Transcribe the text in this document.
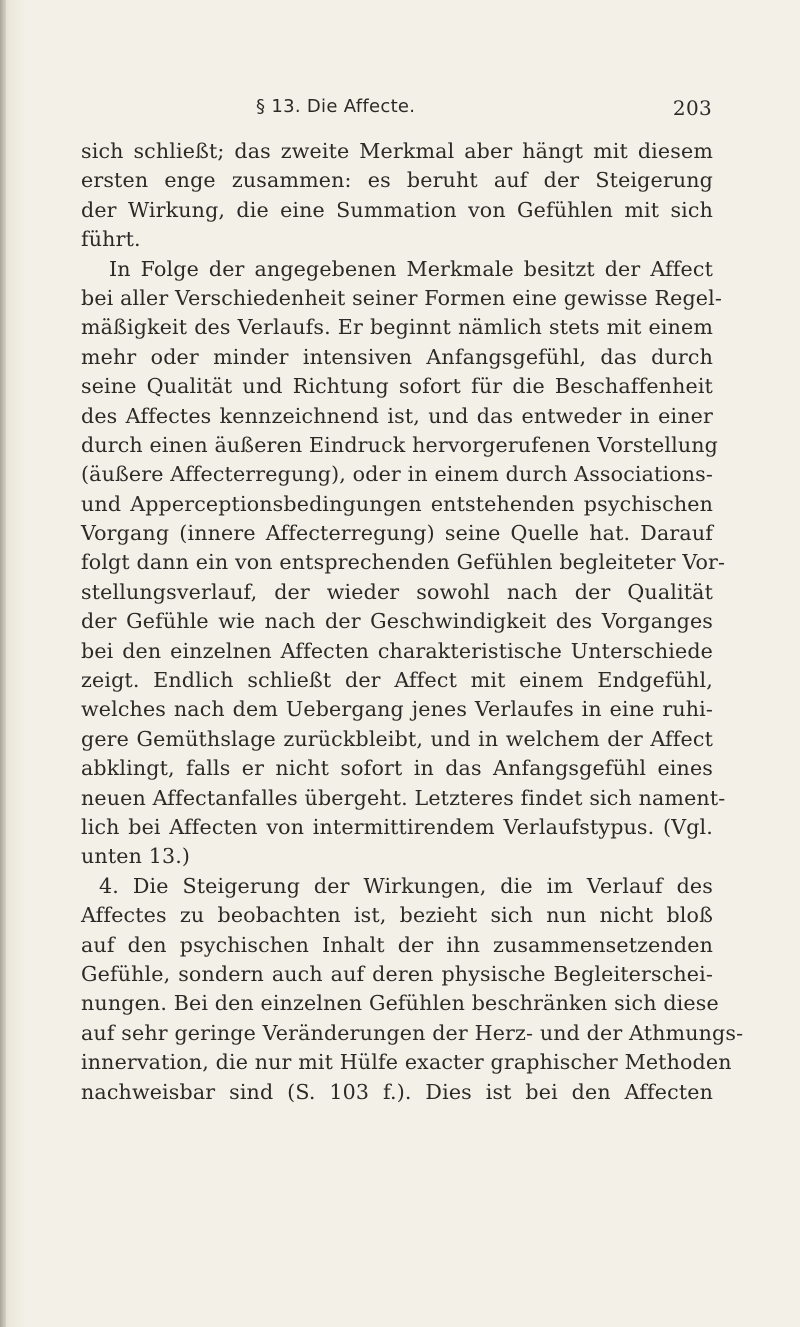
§ 13. Die Affecte.	203
sich schließt; das zweite Merkmal aber hängt mit diesem
ersten enge zusammen: es beruht auf der Steigerung
der Wirkung, die eine Summation von Gefühlen mit sich
führt.
In Folge der angegebenen Merkmale besitzt der Affect
bei aller Verschiedenheit seiner Formen eine gewisse Regel-
mäßigkeit des Verlaufs. Er beginnt nämlich stets mit einem
mehr oder minder intensiven Anfangsgefühl, das durch
seine Qualität und Richtung sofort für die Beschaffenheit
des Affectes kennzeichnend ist, und das entweder in einer
durch einen äußeren Eindruck hervorgerufenen Vorstellung
(äußere Affecterregung), oder in einem durch Associations-
und Apperceptionsbedingungen entstehenden psychischen
Vorgang (innere Affecterregung) seine Quelle hat. Darauf
folgt dann ein von entsprechenden Gefühlen begleiteter Vor-
stellungsverlauf, der wieder sowohl nach der Qualität
der Gefühle wie nach der Geschwindigkeit des Vorganges
bei den einzelnen Affecten charakteristische Unterschiede
zeigt. Endlich schließt der Affect mit einem Endgefühl,
welches nach dem Uebergang jenes Verlaufes in eine ruhi-
gere Gemüthslage zurückbleibt, und in welchem der Affect
abklingt, falls er nicht sofort in das Anfangsgefühl eines
neuen Affectanfalles übergeht. Letzteres findet sich nament-
lich bei Affecten von intermittirendem Verlaufstypus. (Vgl.
unten 13.)
4. Die Steigerung der Wirkungen, die im Verlauf des
Affectes zu beobachten ist, bezieht sich nun nicht bloß
auf den psychischen Inhalt der ihn zusammensetzenden
Gefühle, sondern auch auf deren physische Begleiterschei-
nungen. Bei den einzelnen Gefühlen beschränken sich diese
auf sehr geringe Veränderungen der Herz- und der Athmungs-
innervation, die nur mit Hülfe exacter graphischer Methoden
nachweisbar sind (S. 103 f.). Dies ist bei den Affecten
